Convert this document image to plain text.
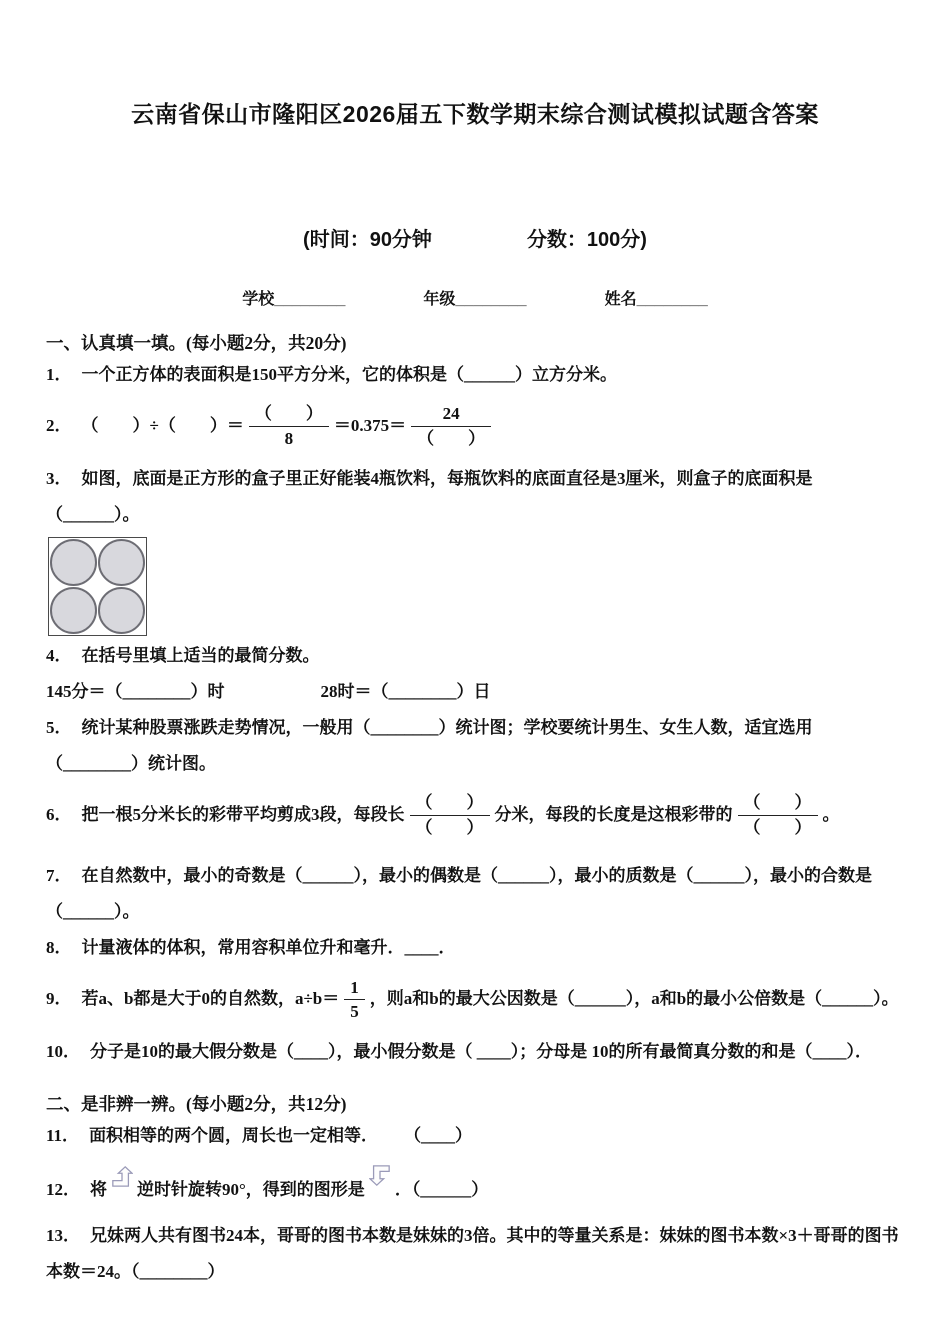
云南省保山市隆阳区2026届五下数学期末综合测试模拟试题含答案
(时间：90分钟	分数：100分)
学校________	年级________	姓名________

一、认真填一填。(每小题2分，共20分)

1． 一个正方体的表面积是150平方分米，它的体积是（______）立方分米。

2． （　　）÷（　　）＝ $\frac{( )}{8} =0.375= \frac{24}{( )}$

3． 如图，底面是正方形的盒子里正好能装4瓶饮料，每瓶饮料的底面直径是3厘米，则盒子的底面积是（______）。

4． 在括号里填上适当的最简分数。

145分＝（________）时	28时＝（________）日

5． 统计某种股票涨跌走势情况，一般用（________）统计图；学校要统计男生、女生人数，适宜选用（________）统计图。

6． 把一根5分米长的彩带平均剪成3段，每段长 $\frac{( )}{( )}$ 分米，每段的长度是这根彩带的 $\frac{( )}{( )}$ 。

7． 在自然数中，最小的奇数是（______），最小的偶数是（______），最小的质数是（______），最小的合数是（______）。

8． 计量液体的体积，常用容积单位升和毫升．____．

9． 若a、b都是大于0的自然数，$a\div b= \frac{1}{5}$ ，则a和b的最大公因数是（______），a和b的最小公倍数是（______）。

10． 分子是10的最大假分数是（____），最小假分数是（ ____）；分母是 10的所有最简真分数的和是（____）．

二、是非辨一辨。(每小题2分，共12分)

11． 面积相等的两个圆，周长也一定相等． （____）

12． 将 逆时针旋转90°，得到的图形是 ．（______）

13． 兄妹两人共有图书24本，哥哥的图书本数是妹妹的3倍。其中的等量关系是：妹妹的图书本数×3＋哥哥的图书本数＝24。（________）
